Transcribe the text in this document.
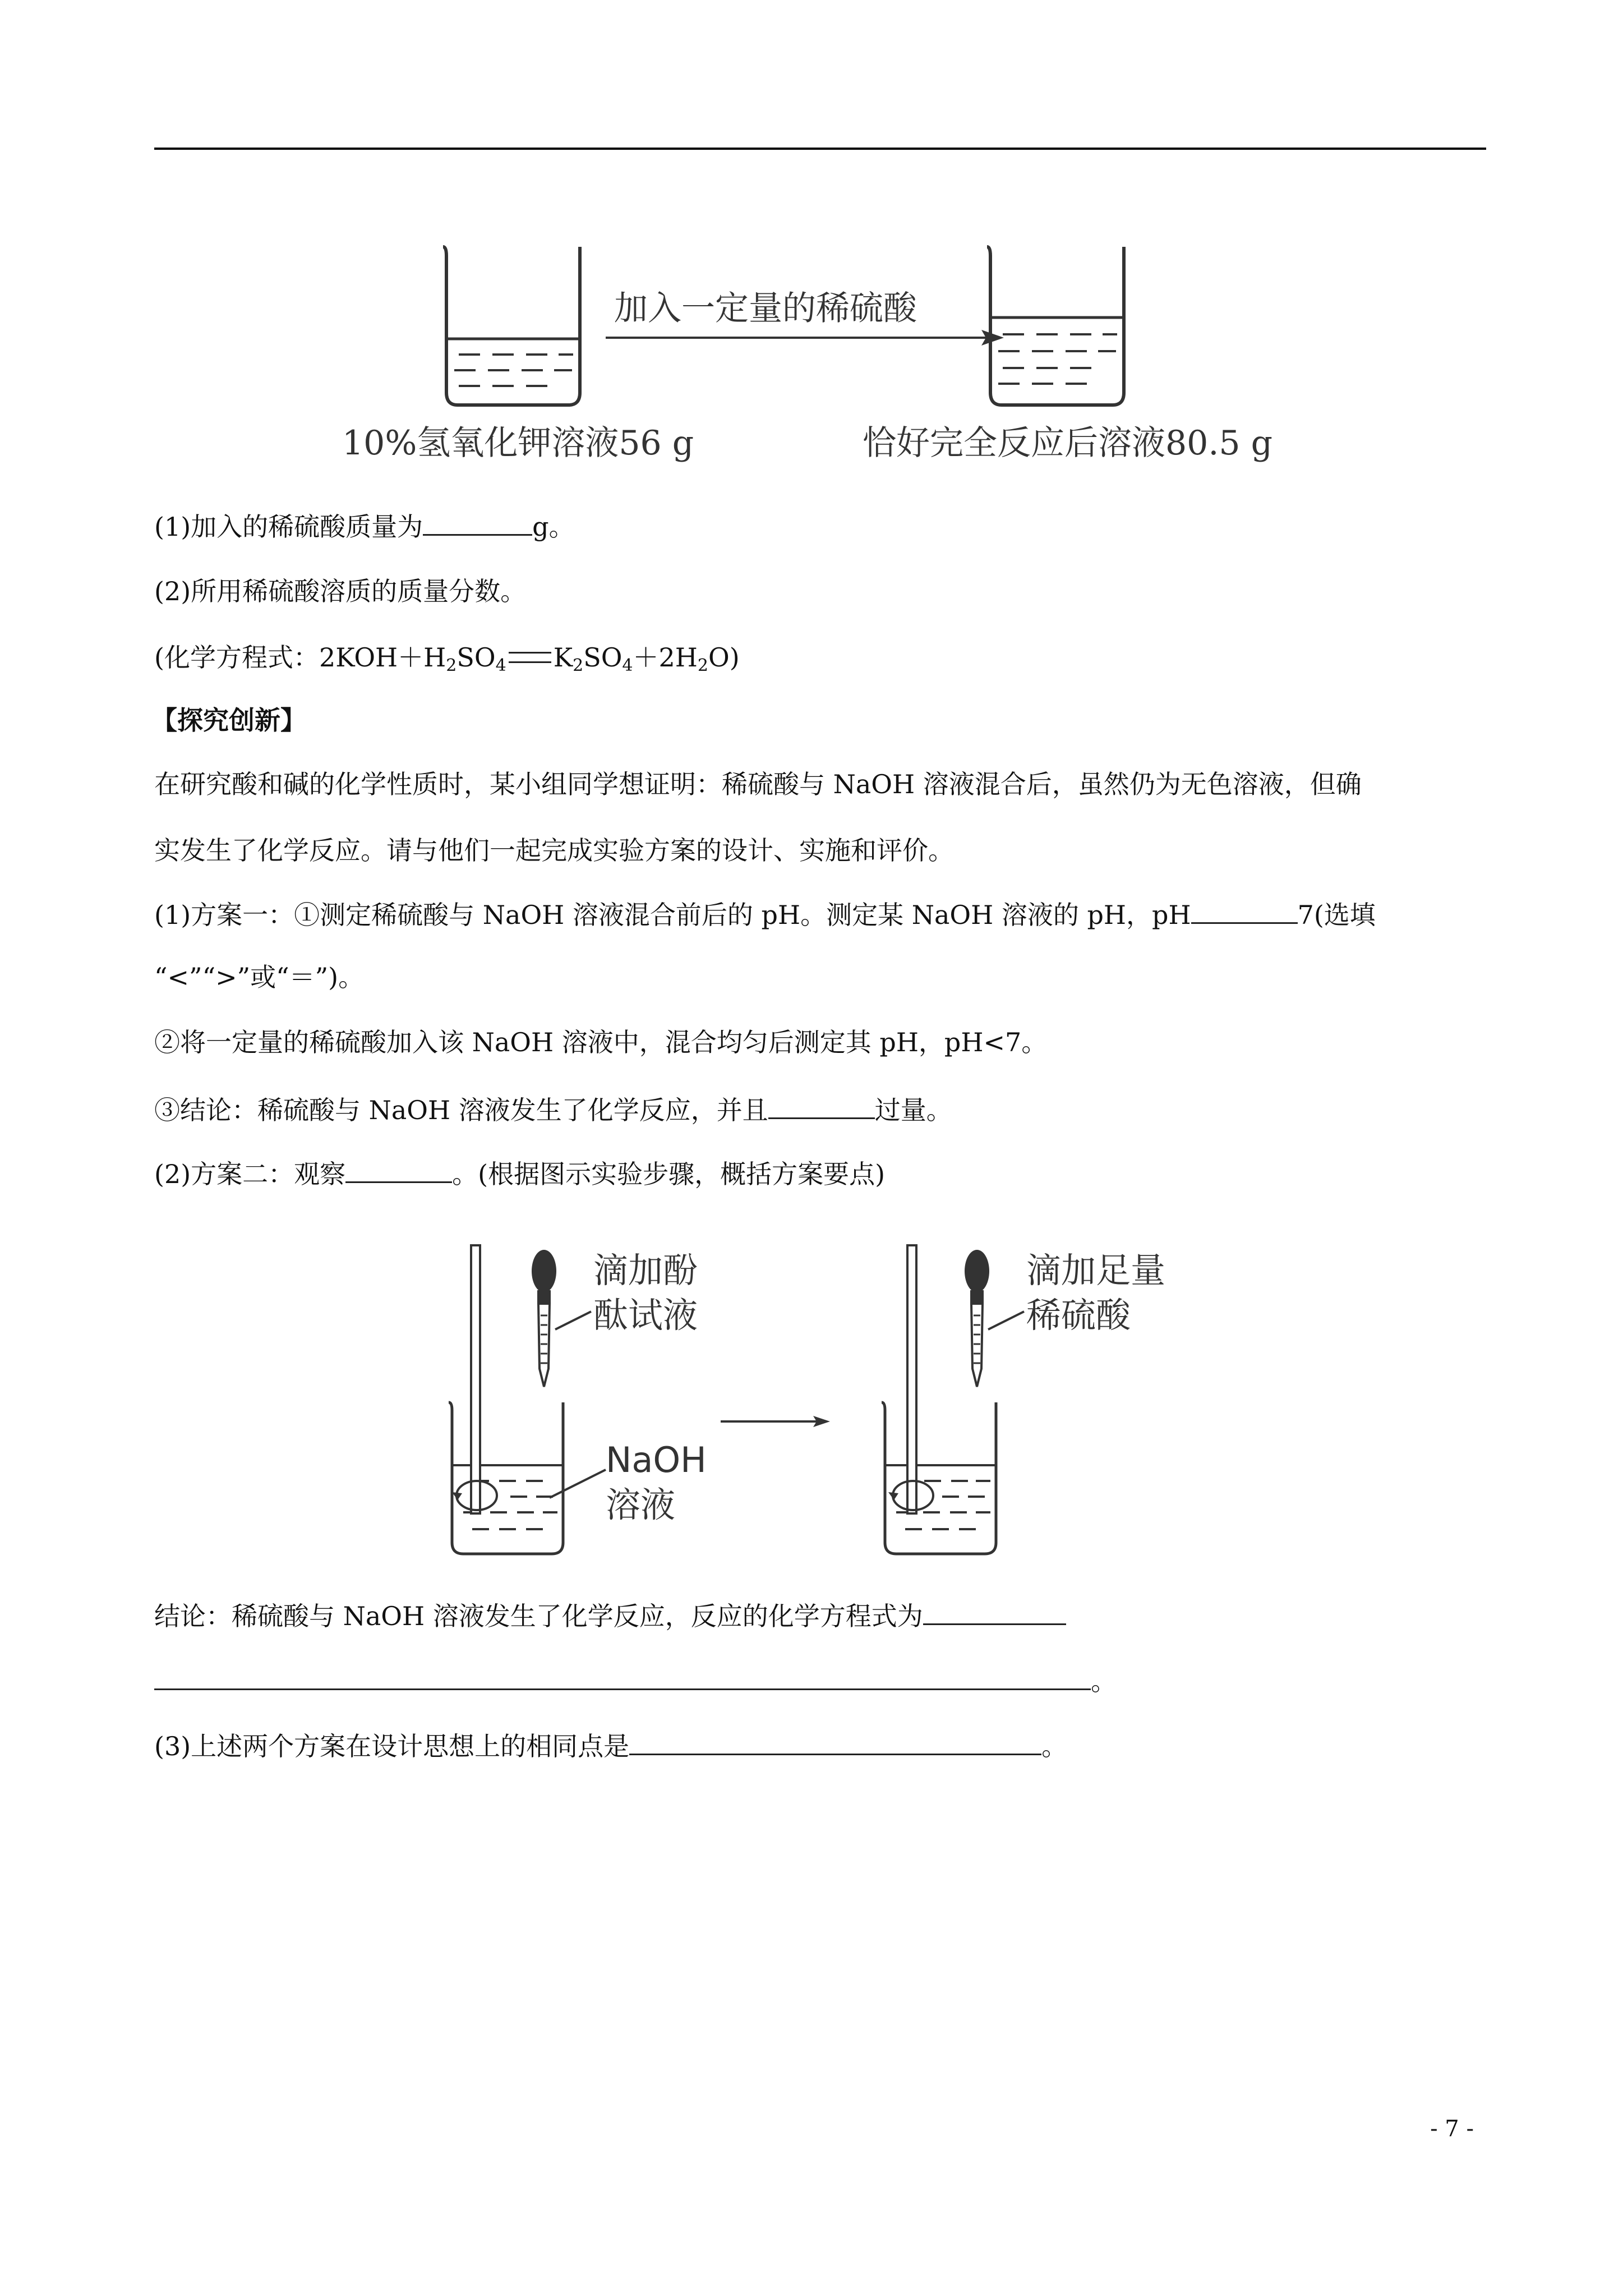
加入一定量的稀硫酸
10%氢氧化钾溶液56 g	恰好完全反应后溶液80.5 g
(1)加入的稀硫酸质量为	g。
(2)所用稀硫酸溶质的质量分数。
(化学方程式：$2KOH+H_2SO_4$ $K_2SO_4+2H_2O$)
【探究创新】
在研究酸和碱的化学性质时，某小组同学想证明：稀硫酸与 NaOH 溶液混合后，虽然仍为无色溶液，但确
实发生了化学反应。请与他们一起完成实验方案的设计、实施和评价。
(1)方案一：①测定稀硫酸与 NaOH 溶液混合前后的 pH。测定某 NaOH 溶液的 pH，pH	7(选填
“<”“>”或“＝”)。
②将一定量的稀硫酸加入该 NaOH 溶液中，混合均匀后测定其 pH，pH<7。
③结论：稀硫酸与 NaOH 溶液发生了化学反应，并且	过量。
(2)方案二：观察	。(根据图示实验步骤，概括方案要点)
滴加酚
酞试液
NaOH
溶液
滴加足量
稀硫酸
结论：稀硫酸与 NaOH 溶液发生了化学反应，反应的化学方程式为
。
(3)上述两个方案在设计思想上的相同点是	。
- 7 -
